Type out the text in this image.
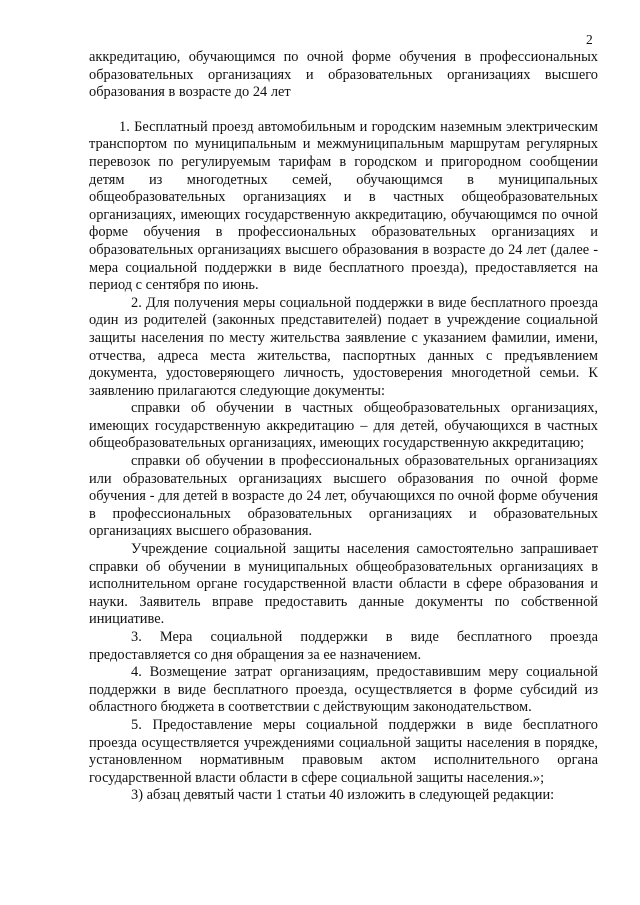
2

аккредитацию, обучающимся по очной форме обучения в профессиональных образовательных организациях и образовательных организациях высшего образования в возрасте до 24 лет

1. Бесплатный проезд автомобильным и городским наземным электрическим транспортом по муниципальным и межмуниципальным маршрутам регулярных перевозок по регулируемым тарифам в городском и пригородном сообщении детям из многодетных семей, обучающимся в муниципальных общеобразовательных организациях и в частных общеобразовательных организациях, имеющих государственную аккредитацию, обучающимся по очной форме обучения в профессиональных образовательных организациях и образовательных организациях высшего образования в возрасте до 24 лет (далее - мера социальной поддержки в виде бесплатного проезда), предоставляется на период с сентября по июнь.

2. Для получения меры социальной поддержки в виде бесплатного проезда один из родителей (законных представителей) подает в учреждение социальной защиты населения по месту жительства заявление с указанием фамилии, имени, отчества, адреса места жительства, паспортных данных с предъявлением документа, удостоверяющего личность, удостоверения многодетной семьи. К заявлению прилагаются следующие документы:

справки об обучении в частных общеобразовательных организациях, имеющих государственную аккредитацию – для детей, обучающихся в частных общеобразовательных организациях, имеющих государственную аккредитацию;

справки об обучении в профессиональных образовательных организациях или образовательных организациях высшего образования по очной форме обучения - для детей в возрасте до 24 лет, обучающихся по очной форме обучения в профессиональных образовательных организациях и образовательных организациях высшего образования.

Учреждение социальной защиты населения самостоятельно запрашивает справки об обучении в муниципальных общеобразовательных организациях в исполнительном органе государственной власти области в сфере образования и науки. Заявитель вправе предоставить данные документы по собственной инициативе.

3. Мера социальной поддержки в виде бесплатного проезда предоставляется со дня обращения за ее назначением.

4. Возмещение затрат организациям, предоставившим меру социальной поддержки в виде бесплатного проезда, осуществляется в форме субсидий из областного бюджета в соответствии с действующим законодательством.

5. Предоставление меры социальной поддержки в виде бесплатного проезда осуществляется учреждениями социальной защиты населения в порядке, установленном нормативным правовым актом исполнительного органа государственной власти области в сфере социальной защиты населения.»;

3) абзац девятый части 1 статьи 40 изложить в следующей редакции:
